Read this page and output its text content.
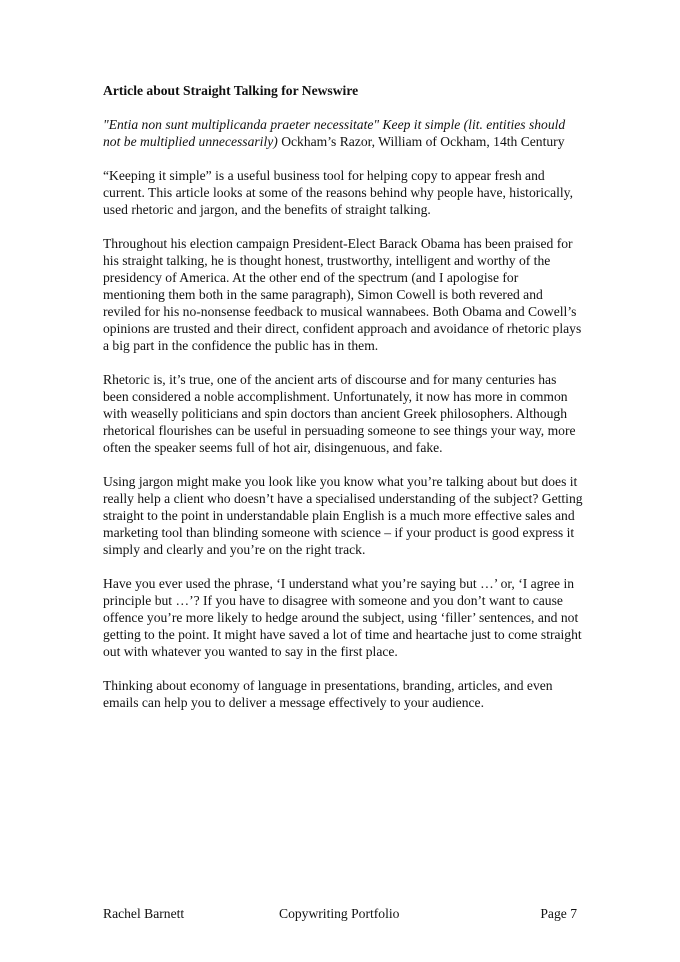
Article about Straight Talking for Newswire

"Entia non sunt multiplicanda praeter necessitate" Keep it simple (lit. entities should not be multiplied unnecessarily) Ockham’s Razor, William of Ockham, 14th Century

“Keeping it simple” is a useful business tool for helping copy to appear fresh and current. This article looks at some of the reasons behind why people have, historically, used rhetoric and jargon, and the benefits of straight talking.

Throughout his election campaign President-Elect Barack Obama has been praised for his straight talking, he is thought honest, trustworthy, intelligent and worthy of the presidency of America. At the other end of the spectrum (and I apologise for mentioning them both in the same paragraph), Simon Cowell is both revered and reviled for his no-nonsense feedback to musical wannabees. Both Obama and Cowell’s opinions are trusted and their direct, confident approach and avoidance of rhetoric plays a big part in the confidence the public has in them.

Rhetoric is, it’s true, one of the ancient arts of discourse and for many centuries has been considered a noble accomplishment. Unfortunately, it now has more in common with weaselly politicians and spin doctors than ancient Greek philosophers. Although rhetorical flourishes can be useful in persuading someone to see things your way, more often the speaker seems full of hot air, disingenuous, and fake.

Using jargon might make you look like you know what you’re talking about but does it really help a client who doesn’t have a specialised understanding of the subject? Getting straight to the point in understandable plain English is a much more effective sales and marketing tool than blinding someone with science – if your product is good express it simply and clearly and you’re on the right track.

Have you ever used the phrase, ‘I understand what you’re saying but …’ or, ‘I agree in principle but …’? If you have to disagree with someone and you don’t want to cause offence you’re more likely to hedge around the subject, using ‘filler’ sentences, and not getting to the point. It might have saved a lot of time and heartache just to come straight out with whatever you wanted to say in the first place.

Thinking about economy of language in presentations, branding, articles, and even emails can help you to deliver a message effectively to your audience.

Rachel Barnett	Copywriting Portfolio	Page 7
